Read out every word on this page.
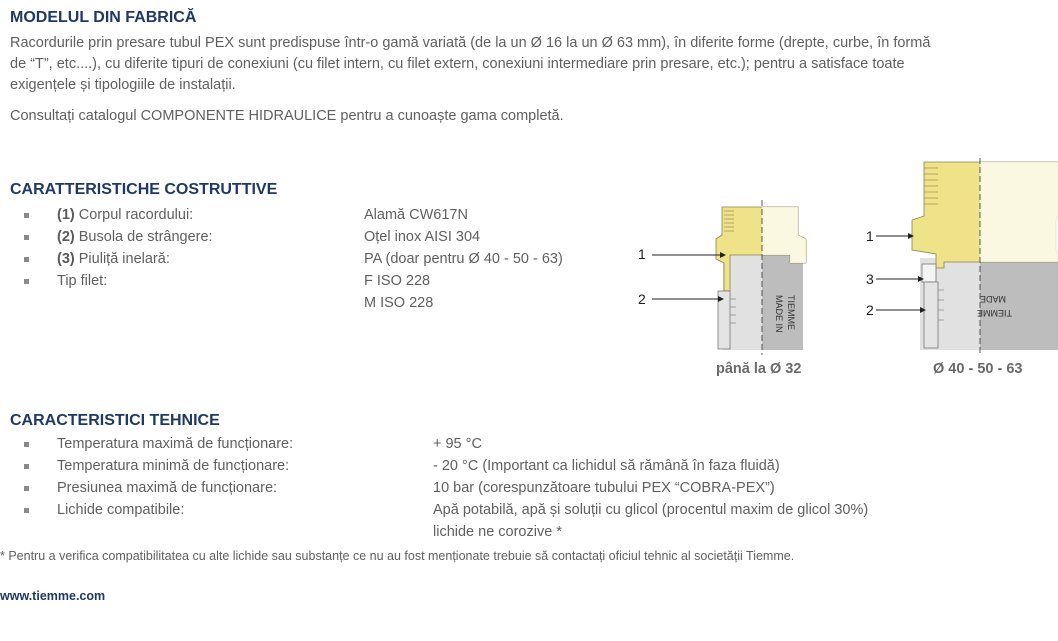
MODELUL DIN FABRICĂ
Racordurile prin presare tubul PEX sunt predispuse într-o gamă variată (de la un Ø 16 la un Ø 63 mm), în diferite forme (drepte, curbe, în formă
de “T”, etc....), cu diferite tipuri de conexiuni (cu filet intern, cu filet extern, conexiuni intermediare prin presare, etc.); pentru a satisface toate
exigențele și tipologiile de instalații.
Consultați catalogul COMPONENTE HIDRAULICE pentru a cunoaște gama completă.
CARATTERISTICHE COSTRUTTIVE
(1) Corpul racordului:	Alamă CW617N
(2) Busola de strângere:	Oțel inox AISI 304
(3) Piuliță inelară:	PA (doar pentru Ø 40 - 50 - 63)
Tip filet:	F ISO 228
M ISO 228	MADE IN TIEMME
1
2
până la Ø 32
MADE
TIEMME
1
3
2
Ø 40 - 50 - 63
CARACTERISTICI TEHNICE
Temperatura maximă de funcționare:	+ 95 °C
Temperatura minimă de funcționare:	- 20 °C (Important ca lichidul să rămână în faza fluidă)
Presiunea maximă de funcționare:	10 bar (corespunzătoare tubului PEX “COBRA-PEX”)
Lichide compatibile:	Apă potabilă, apă și soluții cu glicol (procentul maxim de glicol 30%)
lichide ne corozive *
* Pentru a verifica compatibilitatea cu alte lichide sau substanțe ce nu au fost menționate trebuie să contactați oficiul tehnic al societății Tiemme.
www.tiemme.com
